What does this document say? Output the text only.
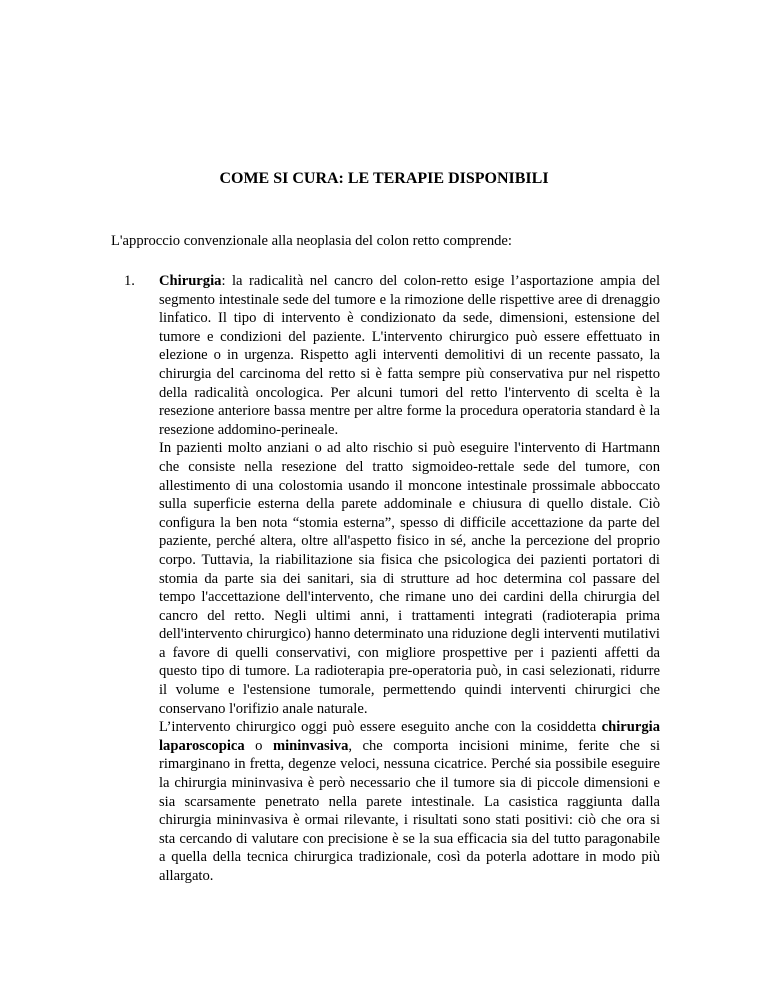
COME SI CURA: LE TERAPIE DISPONIBILI

L'approccio convenzionale alla neoplasia del colon retto comprende:

1. Chirurgia: la radicalità nel cancro del colon-retto esige l’asportazione ampia del segmento intestinale sede del tumore e la rimozione delle rispettive aree di drenaggio linfatico. Il tipo di intervento è condizionato da sede, dimensioni, estensione del tumore e condizioni del paziente. L'intervento chirurgico può essere effettuato in elezione o in urgenza. Rispetto agli interventi demolitivi di un recente passato, la chirurgia del carcinoma del retto si è fatta sempre più conservativa pur nel rispetto della radicalità oncologica. Per alcuni tumori del retto l'intervento di scelta è la resezione anteriore bassa mentre per altre forme la procedura operatoria standard è la resezione addomino-perineale.

In pazienti molto anziani o ad alto rischio si può eseguire l'intervento di Hartmann che consiste nella resezione del tratto sigmoideo-rettale sede del tumore, con allestimento di una colostomia usando il moncone intestinale prossimale abboccato sulla superficie esterna della parete addominale e chiusura di quello distale. Ciò configura la ben nota “stomia esterna”, spesso di difficile accettazione da parte del paziente, perché altera, oltre all'aspetto fisico in sé, anche la percezione del proprio corpo. Tuttavia, la riabilitazione sia fisica che psicologica dei pazienti portatori di stomia da parte sia dei sanitari, sia di strutture ad hoc determina col passare del tempo l'accettazione dell'intervento, che rimane uno dei cardini della chirurgia del cancro del retto. Negli ultimi anni, i trattamenti integrati (radioterapia prima dell'intervento chirurgico) hanno determinato una riduzione degli interventi mutilativi a favore di quelli conservativi, con migliore prospettive per i pazienti affetti da questo tipo di tumore. La radioterapia pre-operatoria può, in casi selezionati, ridurre il volume e l'estensione tumorale, permettendo quindi interventi chirurgici che conservano l'orifizio anale naturale.

L’intervento chirurgico oggi può essere eseguito anche con la cosiddetta chirurgia laparoscopica o mininvasiva, che comporta incisioni minime, ferite che si rimarginano in fretta, degenze veloci, nessuna cicatrice. Perché sia possibile eseguire la chirurgia mininvasiva è però necessario che il tumore sia di piccole dimensioni e sia scarsamente penetrato nella parete intestinale. La casistica raggiunta dalla chirurgia mininvasiva è ormai rilevante, i risultati sono stati positivi: ciò che ora si sta cercando di valutare con precisione è se la sua efficacia sia del tutto paragonabile a quella della tecnica chirurgica tradizionale, così da poterla adottare in modo più allargato.
